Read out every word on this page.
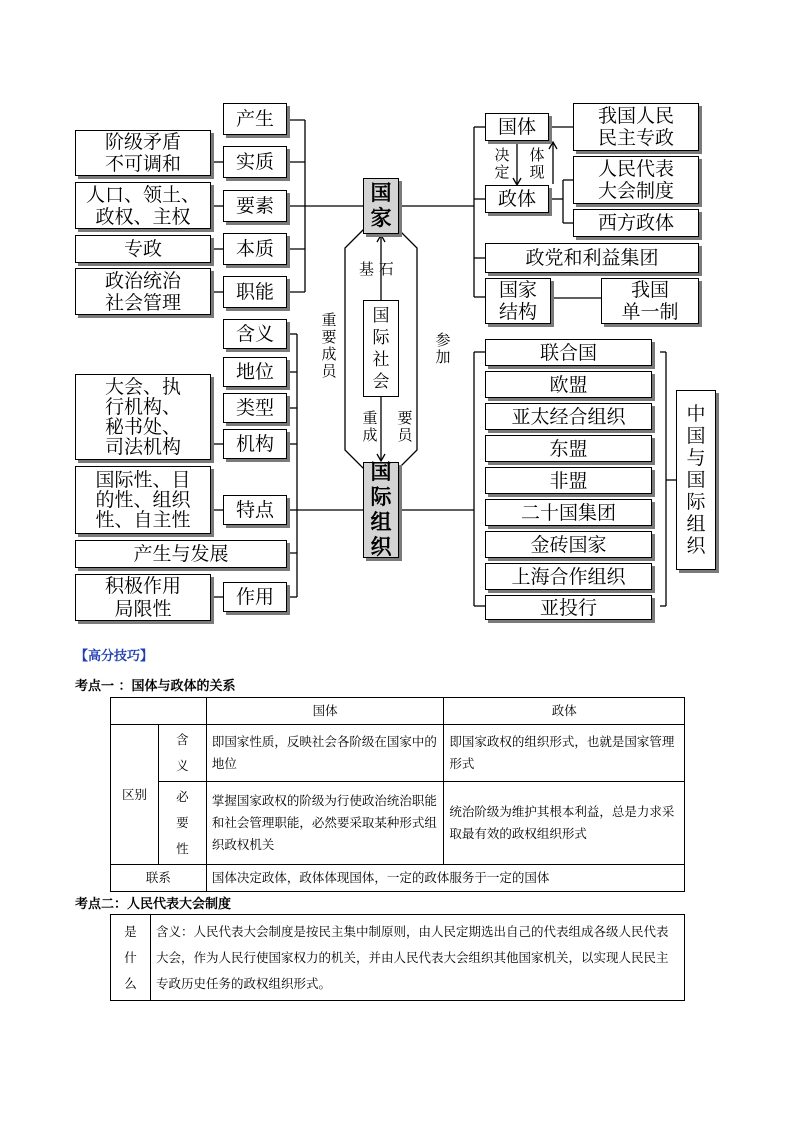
国
家
国
际
社
会
国
际
组
织
基 石
重
要
成
员
参
加
重
成
要
员
产生
实质
要素
本质
职能
阶级矛盾
不可调和
人口、领土、
政权、主权
专政
政治统治
社会管理
国体
政体
决
定
体
现
我国人民
民主专政
人民代表
大会制度
西方政体
政党和利益集团
国家
结构
我国
单一制
含义
地位
类型
机构
特点
作用
大会、执
行机构、
秘书处、
司法机构
国际性、目
的性、组织
性、自主性
产生与发展
积极作用
局限性
联合国
欧盟
亚太经合组织
东盟
非盟
二十国集团
金砖国家
上海合作组织
亚投行
中
国
与
国
际
组
织
【高分技巧】
考点一 ：国体与政体的关系
		国体	政体
区别	含
义	即国家性质，反映社会各阶级在国家中的地位	即国家政权的组织形式，也就是国家管理形式
	必
要
性	掌握国家政权的阶级为行使政治统治职能和社会管理职能，必然要采取某种形式组织政权机关	统治阶级为维护其根本利益，总是力求采取最有效的政权组织形式
联系		国体决定政体，政体体现国体，一定的政体服务于一定的国体	
考点二：人民代表大会制度
是
什
么	含义：人民代表大会制度是按民主集中制原则，由人民定期选出自己的代表组成各级人民代表大会，作为人民行使国家权力的机关，并由人民代表大会组织其他国家机关，以实现人民民主专政历史任务的政权组织形式。
